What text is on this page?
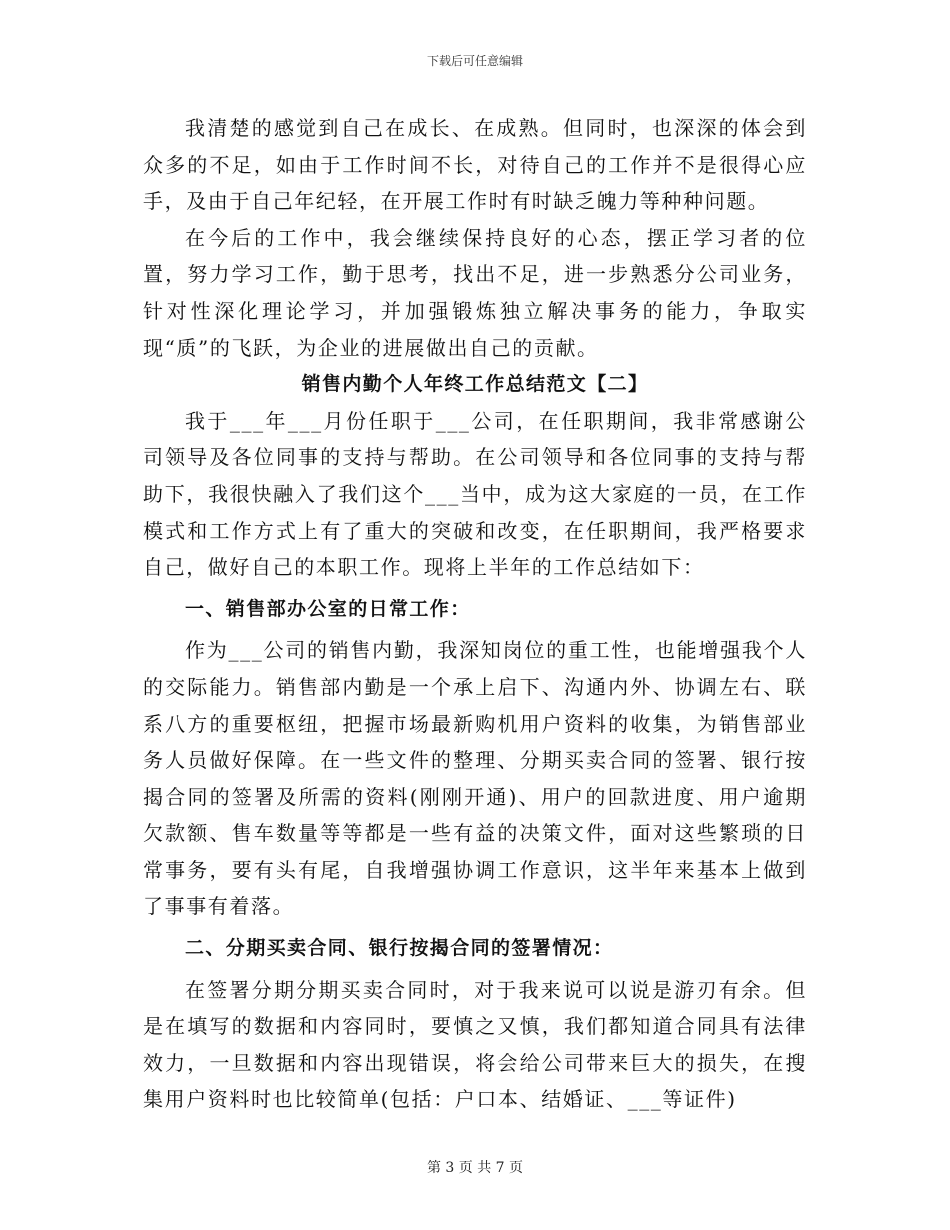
下载后可任意编辑

我清楚的感觉到自己在成长、在成熟。但同时，也深深的体会到众多的不足，如由于工作时间不长，对待自己的工作并不是很得心应手，及由于自己年纪轻，在开展工作时有时缺乏魄力等种种问题。

在今后的工作中，我会继续保持良好的心态，摆正学习者的位置，努力学习工作，勤于思考，找出不足，进一步熟悉分公司业务，针对性深化理论学习，并加强锻炼独立解决事务的能力，争取实现“质”的飞跃，为企业的进展做出自己的贡献。

销售内勤个人年终工作总结范文【二】

我于___年___月份任职于___公司，在任职期间，我非常感谢公司领导及各位同事的支持与帮助。在公司领导和各位同事的支持与帮助下，我很快融入了我们这个___当中，成为这大家庭的一员，在工作模式和工作方式上有了重大的突破和改变，在任职期间，我严格要求自己，做好自己的本职工作。现将上半年的工作总结如下：

一、销售部办公室的日常工作：

作为___公司的销售内勤，我深知岗位的重工性，也能增强我个人的交际能力。销售部内勤是一个承上启下、沟通内外、协调左右、联系八方的重要枢纽，把握市场最新购机用户资料的收集，为销售部业务人员做好保障。在一些文件的整理、分期买卖合同的签署、银行按揭合同的签署及所需的资料(刚刚开通)、用户的回款进度、用户逾期欠款额、售车数量等等都是一些有益的决策文件，面对这些繁琐的日常事务，要有头有尾，自我增强协调工作意识，这半年来基本上做到了事事有着落。

二、分期买卖合同、银行按揭合同的签署情况：

在签署分期分期买卖合同时，对于我来说可以说是游刃有余。但是在填写的数据和内容同时，要慎之又慎，我们都知道合同具有法律效力，一旦数据和内容出现错误，将会给公司带来巨大的损失，在搜集用户资料时也比较简单(包括：户口本、结婚证、___等证件)

第 3 页 共 7 页
